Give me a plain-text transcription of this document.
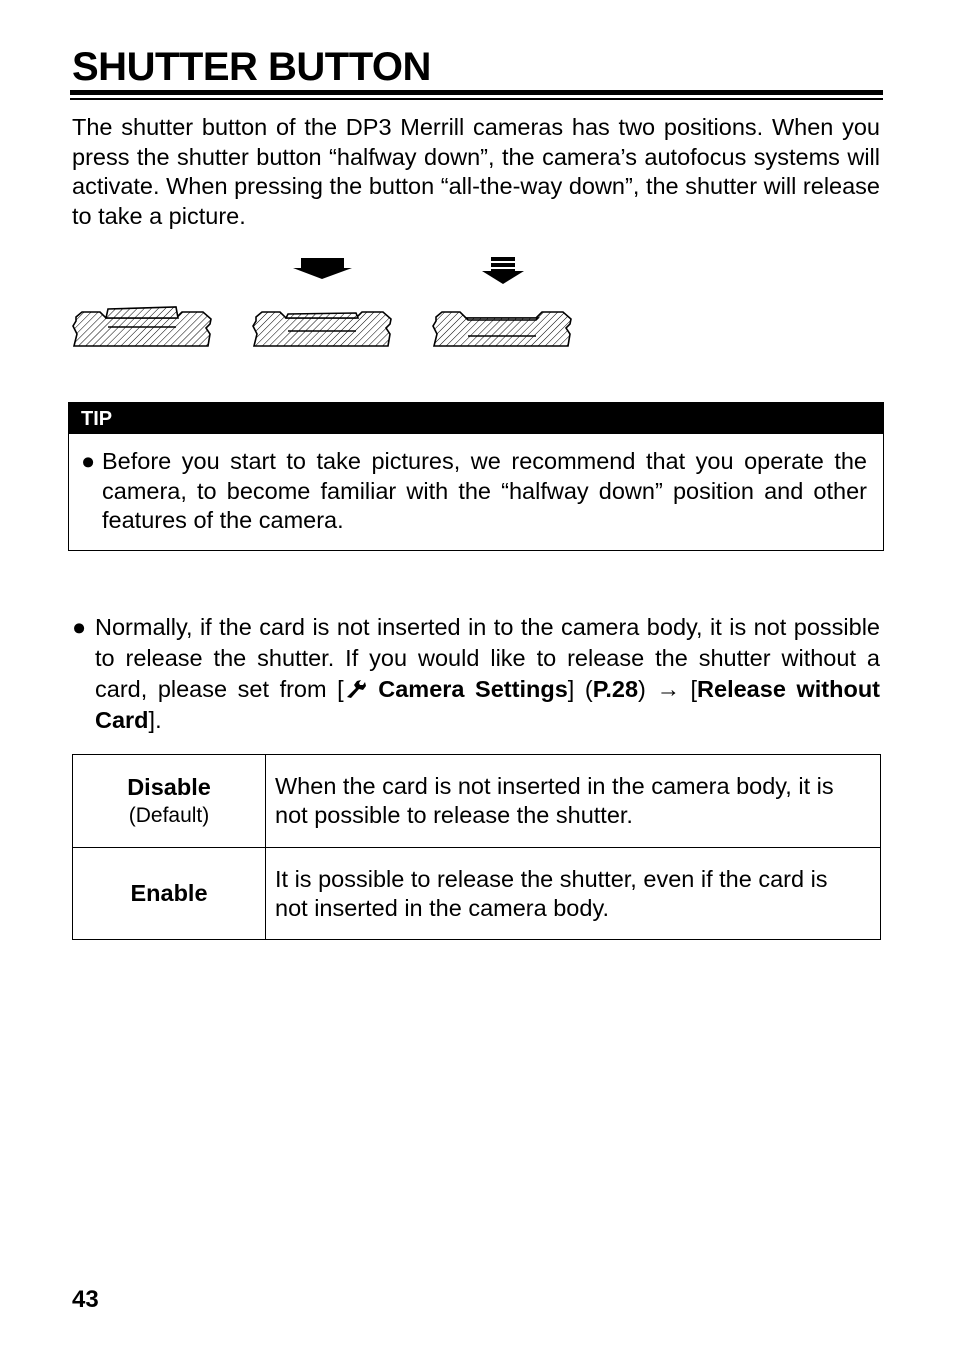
SHUTTER BUTTON

The shutter button of the DP3 Merrill cameras has two positions. When you press the shutter button “halfway down”, the camera’s autofocus systems will activate. When pressing the button “all-the-way down”, the shutter will release to take a picture.

TIP
● Before you start to take pictures, we recommend that you operate the camera, to become familiar with the “halfway down” position and other features of the camera.
● Normally, if the card is not inserted in to the camera body, it is not possible to release the shutter. If you would like to release the shutter without a card, please set from [ Camera Settings] (P.28) → [Release without Card].
Disable
(Default)	When the card is not inserted in the camera body, it is not possible to release the shutter.

Enable	It is possible to release the shutter, even if the card is not inserted in the camera body.
43
